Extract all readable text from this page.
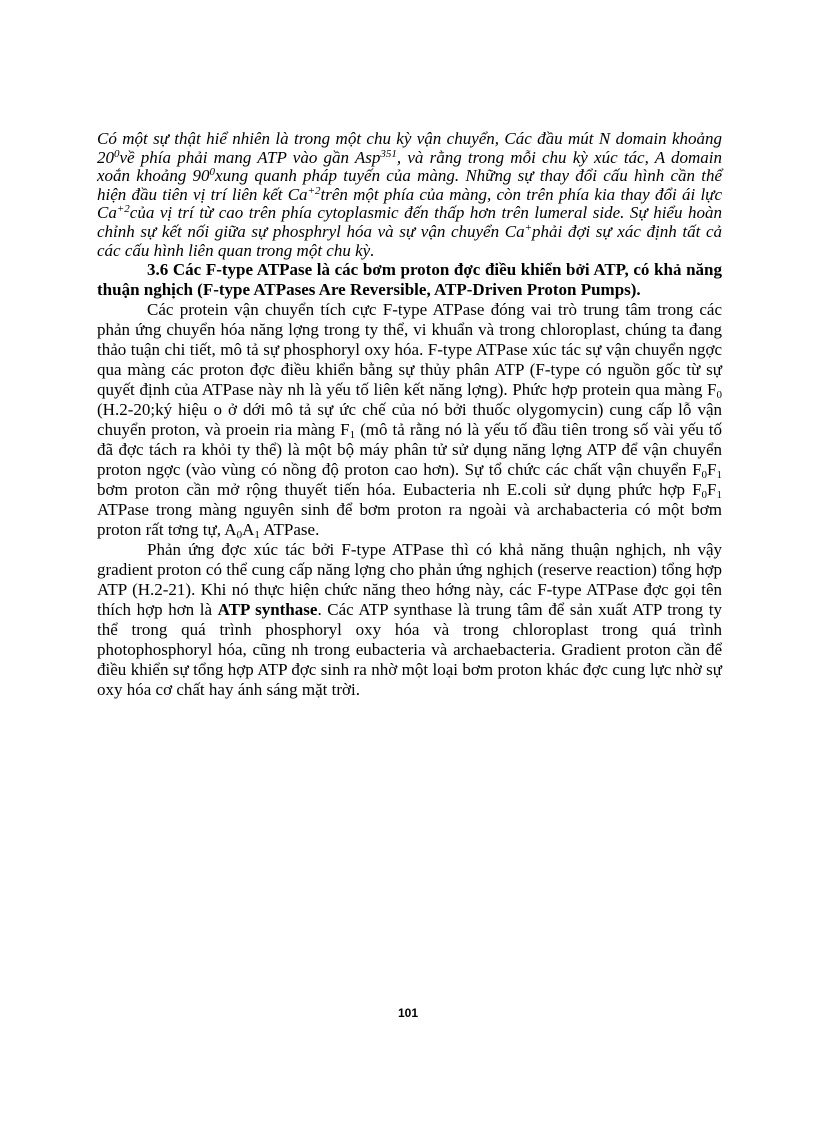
Có một sự thật hiể nhiên là trong một chu kỳ vận chuyển, Các đầu mút N domain khoảng $20^0về$ phía phải mang ATP vào gần Asp$^{351}$, và rằng trong mỗi chu kỳ xúc tác, A domain xoắn khoảng $90^0xung$ quanh pháp tuyến của màng. Những sự thay đổi cấu hình cần thể hiện đầu tiên vị trí liên kết $Ca^{+2}trên$ một phía của màng, còn trên phía kia thay đổi ái lực $Ca^{+2}của$ vị trí từ cao trên phía cytoplasmic đến thấp hơn trên lumeral side. Sự hiểu hoàn chỉnh sự kết nối giữa sự phosphryl hóa và sự vận chuyển Ca+phải đợi sự xác định tất cả các cấu hình liên quan trong một chu kỳ.

3.6 Các F-type ATPase là các bơm proton đợc điều khiển bởi ATP, có khả năng thuận nghịch (F-type ATPases Are Reversible, ATP-Driven Proton Pumps).

Các protein vận chuyển tích cực F-type ATPase đóng vai trò trung tâm trong các phản ứng chuyển hóa năng lợng trong ty thể, vi khuẩn và trong chloroplast, chúng ta đang thảo tuận chi tiết, mô tả sự phosphoryl oxy hóa. F-type ATPase xúc tác sự vận chuyển ngợc qua màng các proton đợc điều khiển bằng sự thủy phân ATP (F-type có nguồn gốc từ sự quyết định của ATPase này nh là yếu tố liên kết năng lợng). Phức hợp protein qua màng $F_0$ (H.2-20;ký hiệu o ở dới mô tả sự ức chế của nó bởi thuốc olygomycin) cung cấp lỗ vận chuyển proton, và proein ria màng $F_1$ (mô tả rằng nó là yếu tố đầu tiên trong số vài yếu tố đã đợc tách ra khỏi ty thể) là một bộ máy phân tử sử dụng năng lợng ATP để vận chuyển proton ngợc (vào vùng có nồng độ proton cao hơn). Sự tổ chức các chất vận chuyển $F_0F_1$ bơm proton cần mở rộng thuyết tiến hóa. Eubacteria nh E.coli sử dụng phức hợp $F_0F_1$ ATPase trong màng nguyên sinh để bơm proton ra ngoài và archabacteria có một bơm proton rất tơng tự, $A_0A_1$ ATPase.

Phản ứng đợc xúc tác bởi F-type ATPase thì có khả năng thuận nghịch, nh vậy gradient proton có thể cung cấp năng lợng cho phản ứng nghịch (reserve reaction) tổng hợp ATP (H.2-21). Khi nó thực hiện chức năng theo hớng này, các F-type ATPase đợc gọi tên thích hợp hơn là ATP synthase. Các ATP synthase là trung tâm để sản xuất ATP trong ty thể trong quá trình phosphoryl oxy hóa và trong chloroplast trong quá trình photophosphoryl hóa, cũng nh trong eubacteria và archaebacteria. Gradient proton cần để điều khiển sự tổng hợp ATP đợc sinh ra nhờ một loại bơm proton khác đợc cung lực nhờ sự oxy hóa cơ chất hay ánh sáng mặt trời.

101
